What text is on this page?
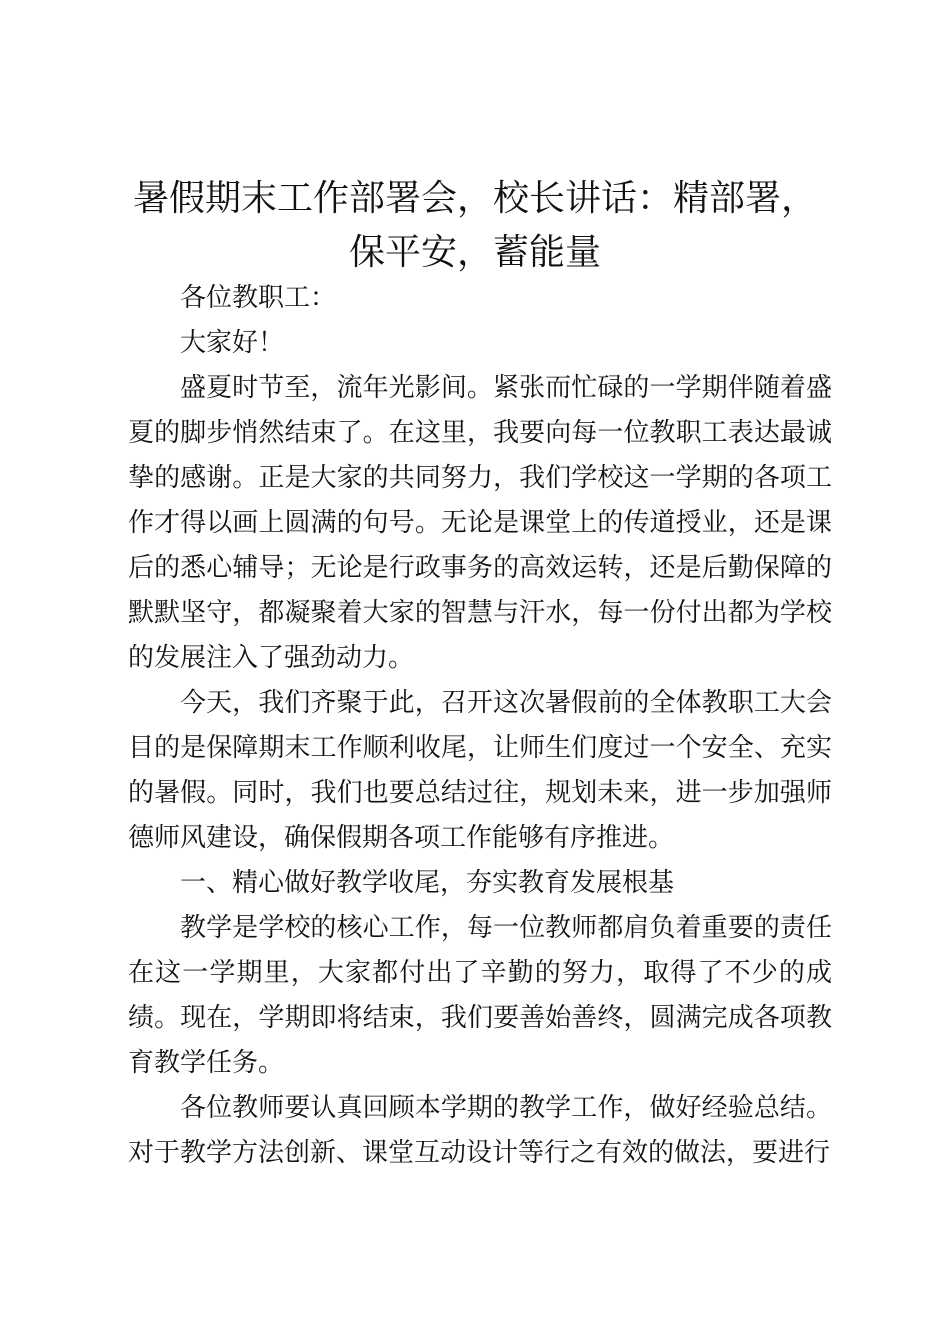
暑假期末工作部署会，校长讲话：精部署，保平安，蓄能量

各位教职工：

大家好！

盛夏时节至，流年光影间。紧张而忙碌的一学期伴随着盛夏的脚步悄然结束了。在这里，我要向每一位教职工表达最诚挚的感谢。正是大家的共同努力，我们学校这一学期的各项工作才得以画上圆满的句号。无论是课堂上的传道授业，还是课后的悉心辅导；无论是行政事务的高效运转，还是后勤保障的默默坚守，都凝聚着大家的智慧与汗水，每一份付出都为学校的发展注入了强劲动力。

今天，我们齐聚于此，召开这次暑假前的全体教职工大会目的是保障期末工作顺利收尾，让师生们度过一个安全、充实的暑假。同时，我们也要总结过往，规划未来，进一步加强师德师风建设，确保假期各项工作能够有序推进。

一、精心做好教学收尾，夯实教育发展根基

教学是学校的核心工作，每一位教师都肩负着重要的责任在这一学期里，大家都付出了辛勤的努力，取得了不少的成绩。现在，学期即将结束，我们要善始善终，圆满完成各项教育教学任务。

各位教师要认真回顾本学期的教学工作，做好经验总结。对于教学方法创新、课堂互动设计等行之有效的做法，要进行
